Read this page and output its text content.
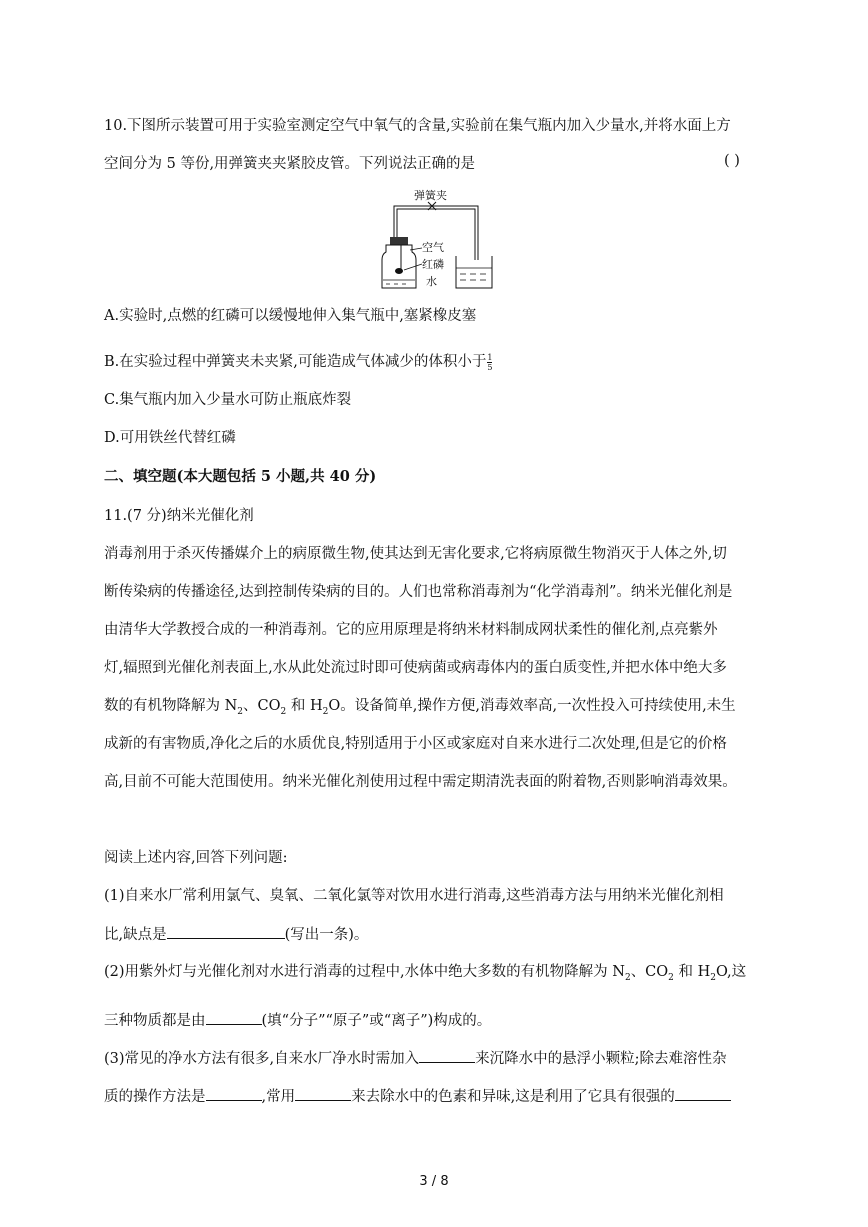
10.下图所示装置可用于实验室测定空气中氧气的含量,实验前在集气瓶内加入少量水,并将水面上方
空间分为 5 等份,用弹簧夹夹紧胶皮管。下列说法正确的是	( )
弹簧夹
空气
红磷
水
A.实验时,点燃的红磷可以缓慢地伸入集气瓶中,塞紧橡皮塞
B.在实验过程中弹簧夹未夹紧,可能造成气体减少的体积小于 $\frac{1}{5}$
C.集气瓶内加入少量水可防止瓶底炸裂
D.可用铁丝代替红磷
二、填空题(本大题包括 5 小题,共 40 分)
11.(7 分)纳米光催化剂
消毒剂用于杀灭传播媒介上的病原微生物,使其达到无害化要求,它将病原微生物消灭于人体之外,切
断传染病的传播途径,达到控制传染病的目的。人们也常称消毒剂为“化学消毒剂”。纳米光催化剂是
由清华大学教授合成的一种消毒剂。它的应用原理是将纳米材料制成网状柔性的催化剂,点亮紫外
灯,辐照到光催化剂表面上,水从此处流过时即可使病菌或病毒体内的蛋白质变性,并把水体中绝大多
数的有机物降解为 $N_2$、$CO_2$ 和 $H_2O$。设备简单,操作方便,消毒效率高,一次性投入可持续使用,未生
成新的有害物质,净化之后的水质优良,特别适用于小区或家庭对自来水进行二次处理,但是它的价格
高,目前不可能大范围使用。纳米光催化剂使用过程中需定期清洗表面的附着物,否则影响消毒效果。
阅读上述内容,回答下列问题:
(1)自来水厂常利用氯气、臭氧、二氧化氯等对饮用水进行消毒,这些消毒方法与用纳米光催化剂相
比,缺点是	(写出一条)。
(2)用紫外灯与光催化剂对水进行消毒的过程中,水体中绝大多数的有机物降解为 $N_2$、$CO_2$ 和 $H_2O$,这
三种物质都是由	(填“分子”“原子”或“离子”)构成的。
(3)常见的净水方法有很多,自来水厂净水时需加入	来沉降水中的悬浮小颗粒;除去难溶性杂
质的操作方法是	,常用	来去除水中的色素和异味,这是利用了它具有很强的
3 / 8
